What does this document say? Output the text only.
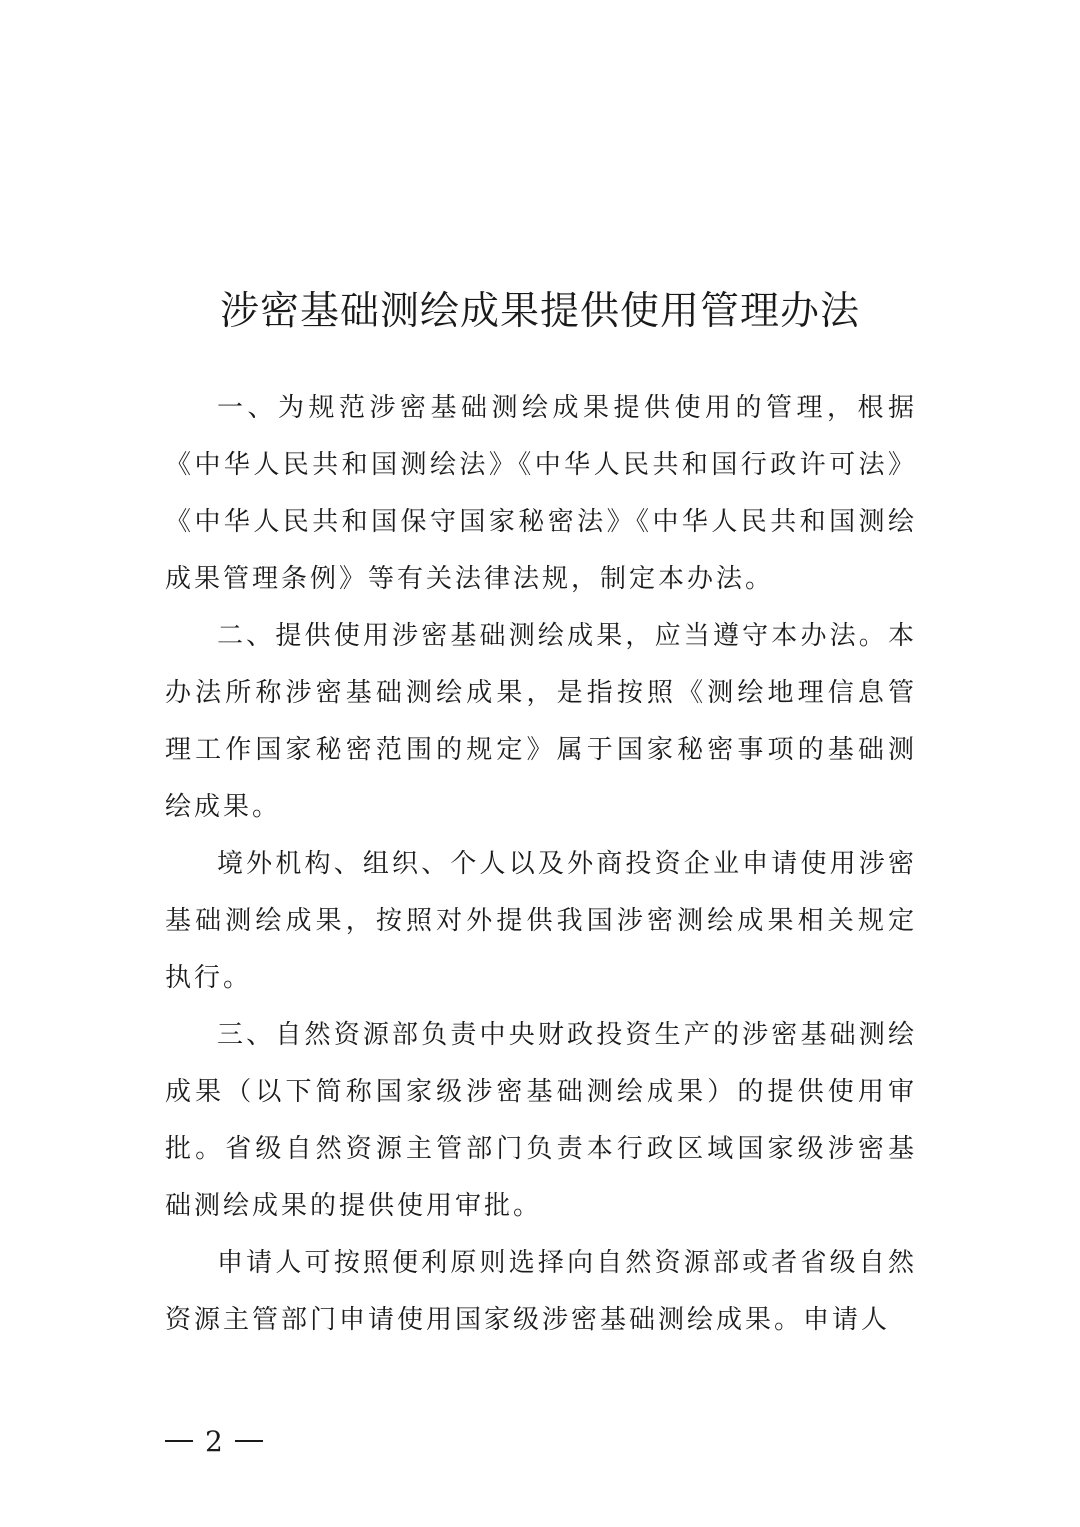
涉密基础测绘成果提供使用管理办法

一、为规范涉密基础测绘成果提供使用的管理，根据《中华人民共和国测绘法》《中华人民共和国行政许可法》《中华人民共和国保守国家秘密法》《中华人民共和国测绘成果管理条例》等有关法律法规，制定本办法。

二、提供使用涉密基础测绘成果，应当遵守本办法。本办法所称涉密基础测绘成果，是指按照《测绘地理信息管理工作国家秘密范围的规定》属于国家秘密事项的基础测绘成果。

境外机构、组织、个人以及外商投资企业申请使用涉密基础测绘成果，按照对外提供我国涉密测绘成果相关规定执行。

三、自然资源部负责中央财政投资生产的涉密基础测绘成果（以下简称国家级涉密基础测绘成果）的提供使用审批。省级自然资源主管部门负责本行政区域国家级涉密基础测绘成果的提供使用审批。

申请人可按照便利原则选择向自然资源部或者省级自然资源主管部门申请使用国家级涉密基础测绘成果。申请人

2
